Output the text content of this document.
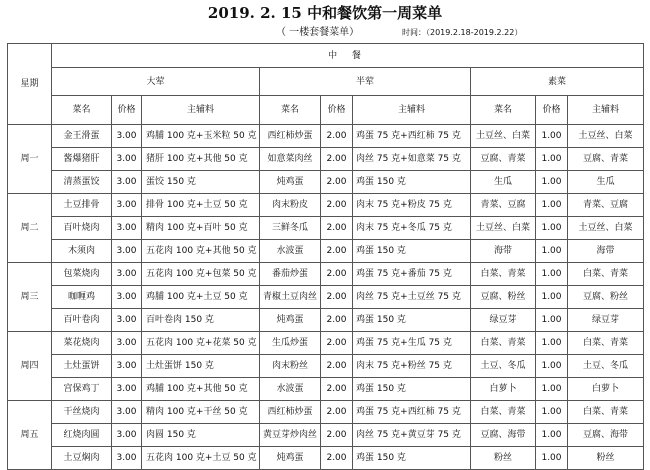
2019. 2. 15 中和餐饮第一周菜单
（ 一楼套餐菜单）	时间：（2019.2.18-2019.2.22）
星期	中 餐								
	大荤			半荤			素菜		
	菜名	价格	主辅料	菜名	价格	主辅料	菜名	价格	主辅料
周一	金王滑蛋	3.00	鸡脯 100 克+玉米粒 50 克	西红柿炒蛋	2.00	鸡蛋 75 克+西红柿 75 克	土豆丝、白菜	1.00	土豆丝、白菜
	酱爆猪肝	3.00	猪肝 100 克+其他 50 克	如意菜肉丝	2.00	肉丝 75 克+如意菜 75 克	豆腐、青菜	1.00	豆腐、青菜
	清蒸蛋饺	3.00	蛋饺 150 克	炖鸡蛋	2.00	鸡蛋 150 克	生瓜	1.00	生瓜
周二	土豆排骨	3.00	排骨 100 克+土豆 50 克	肉末粉皮	2.00	肉末 75 克+粉皮 75 克	青菜、豆腐	1.00	青菜、豆腐
	百叶烧肉	3.00	精肉 100 克+百叶 50 克	三鲜冬瓜	2.00	肉末 75 克+冬瓜 75 克	土豆丝、白菜	1.00	土豆丝、白菜
	木须肉	3.00	五花肉 100 克+其他 50 克	水波蛋	2.00	鸡蛋 150 克	海带	1.00	海带
周三	包菜烧肉	3.00	五花肉 100 克+包菜 50 克	番茄炒蛋	2.00	鸡蛋 75 克+番茄 75 克	白菜、青菜	1.00	白菜、青菜
	咖喱鸡	3.00	鸡脯 100 克+土豆 50 克	青椒土豆肉丝	2.00	肉丝 75 克+土豆丝 75 克	豆腐、粉丝	1.00	豆腐、粉丝
	百叶卷肉	3.00	百叶卷肉 150 克	炖鸡蛋	2.00	鸡蛋 150 克	绿豆芽	1.00	绿豆芽
周四	菜花烧肉	3.00	五花肉 100 克+花菜 50 克	生瓜炒蛋	2.00	鸡蛋 75 克+生瓜 75 克	白菜、青菜	1.00	白菜、青菜
	土灶蛋饼	3.00	土灶蛋饼 150 克	肉末粉丝	2.00	肉末 75 克+粉丝 75 克	土豆、冬瓜	1.00	土豆、冬瓜
	宫保鸡丁	3.00	鸡脯 100 克+其他 50 克	水波蛋	2.00	鸡蛋 150 克	白萝卜	1.00	白萝卜
周五	干丝烧肉	3.00	精肉 100 克+干丝 50 克	西红柿炒蛋	2.00	鸡蛋 75 克+西红柿 75 克	白菜、青菜	1.00	白菜、青菜
	红烧肉圆	3.00	肉圆 150 克	黄豆芽炒肉丝	2.00	肉丝 75 克+黄豆芽 75 克	豆腐、海带	1.00	豆腐、海带
	土豆焖肉	3.00	五花肉 100 克+土豆 50 克	炖鸡蛋	2.00	鸡蛋 150 克	粉丝	1.00	粉丝
